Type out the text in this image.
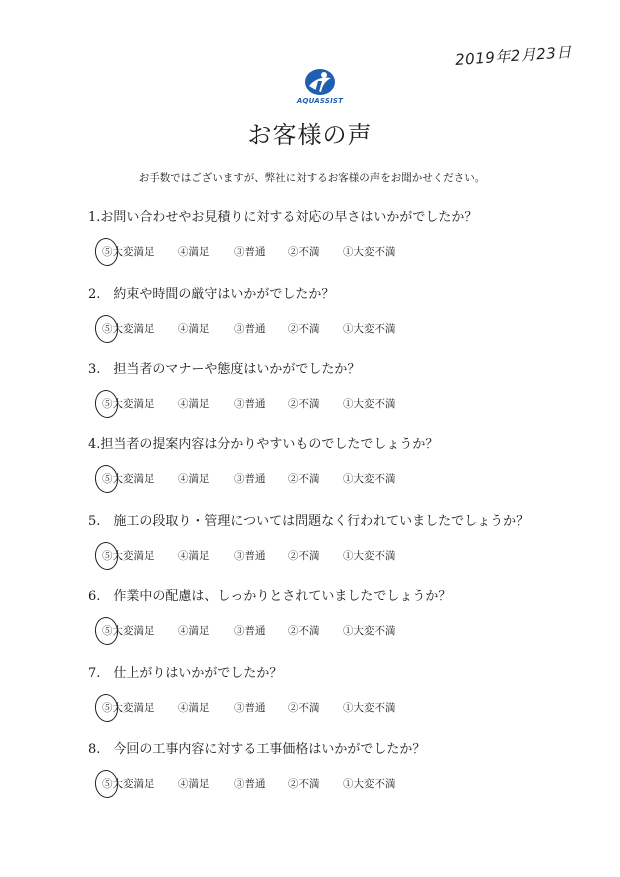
2019年2月23日
AQUASSIST
お客様の声
お手数ではございますが、弊社に対するお客様の声をお聞かせください。
1.お問い合わせやお見積りに対する対応の早さはいかがでしたか？
⑤大変満足 ④満足 ③普通 ②不満 ①大変不満
2.　約束や時間の厳守はいかがでしたか？
⑤大変満足 ④満足 ③普通 ②不満 ①大変不満
3.　担当者のマナーや態度はいかがでしたか？
⑤大変満足 ④満足 ③普通 ②不満 ①大変不満
4.担当者の提案内容は分かりやすいものでしたでしょうか？
⑤大変満足 ④満足 ③普通 ②不満 ①大変不満
5.　施工の段取り・管理については問題なく行われていましたでしょうか？
⑤大変満足 ④満足 ③普通 ②不満 ①大変不満
6.　作業中の配慮は、しっかりとされていましたでしょうか？
⑤大変満足 ④満足 ③普通 ②不満 ①大変不満
7.　仕上がりはいかがでしたか？
⑤大変満足 ④満足 ③普通 ②不満 ①大変不満
8.　今回の工事内容に対する工事価格はいかがでしたか？
⑤大変満足 ④満足 ③普通 ②不満 ①大変不満
